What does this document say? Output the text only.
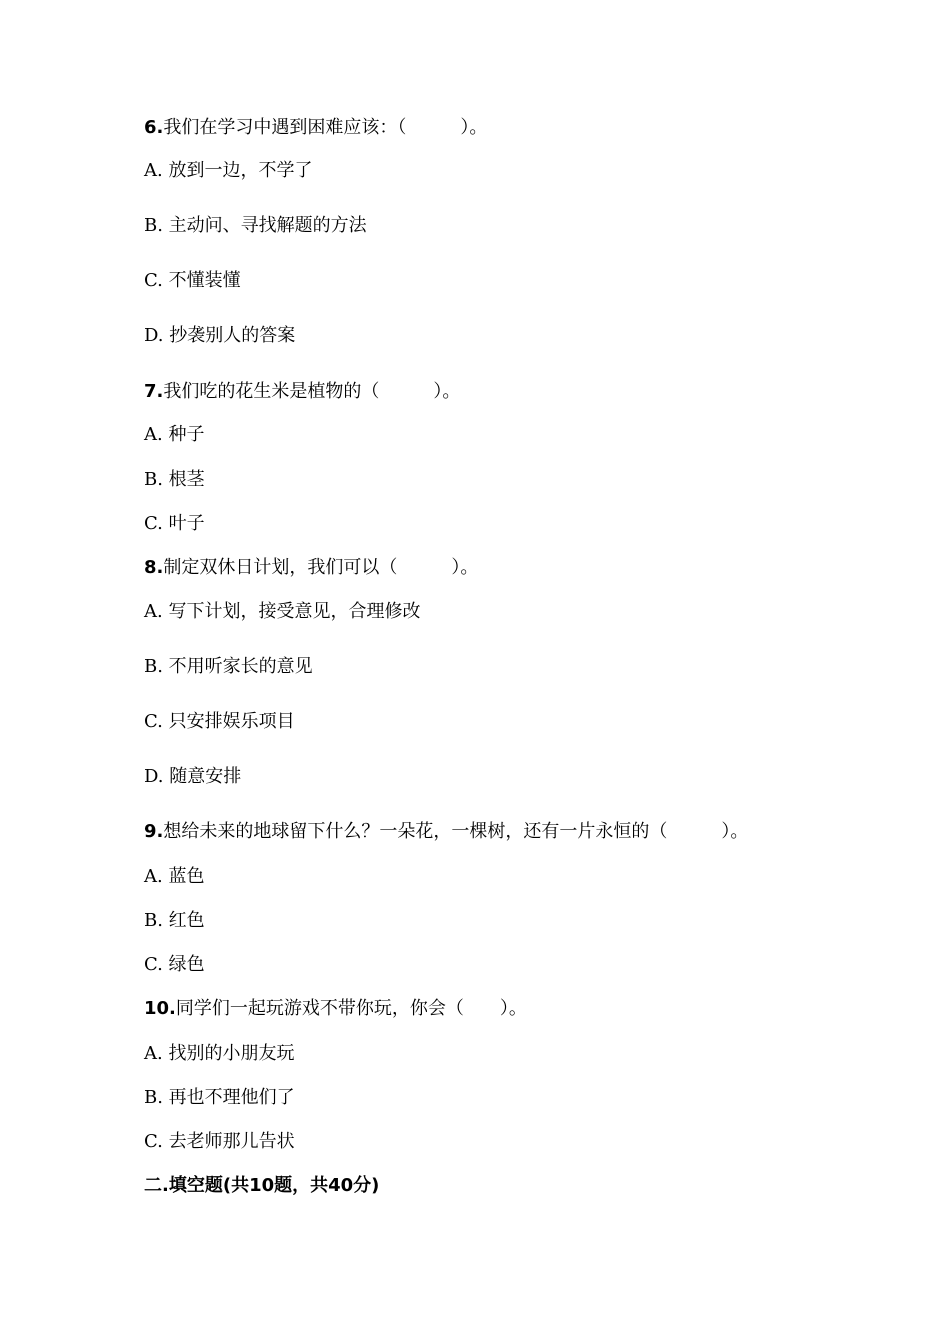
6.我们在学习中遇到困难应该：（　　　）。
A. 放到一边，不学了
B. 主动问、寻找解题的方法
C. 不懂装懂
D. 抄袭别人的答案
7.我们吃的花生米是植物的（　　　）。
A. 种子
B. 根茎
C. 叶子
8.制定双休日计划，我们可以（　　　）。
A. 写下计划，接受意见，合理修改
B. 不用听家长的意见
C. 只安排娱乐项目
D. 随意安排
9.想给未来的地球留下什么？一朵花，一棵树，还有一片永恒的（　　　）。
A. 蓝色
B. 红色
C. 绿色
10.同学们一起玩游戏不带你玩，你会（　　）。
A. 找别的小朋友玩
B. 再也不理他们了
C. 去老师那儿告状
二.填空题(共10题，共40分)
